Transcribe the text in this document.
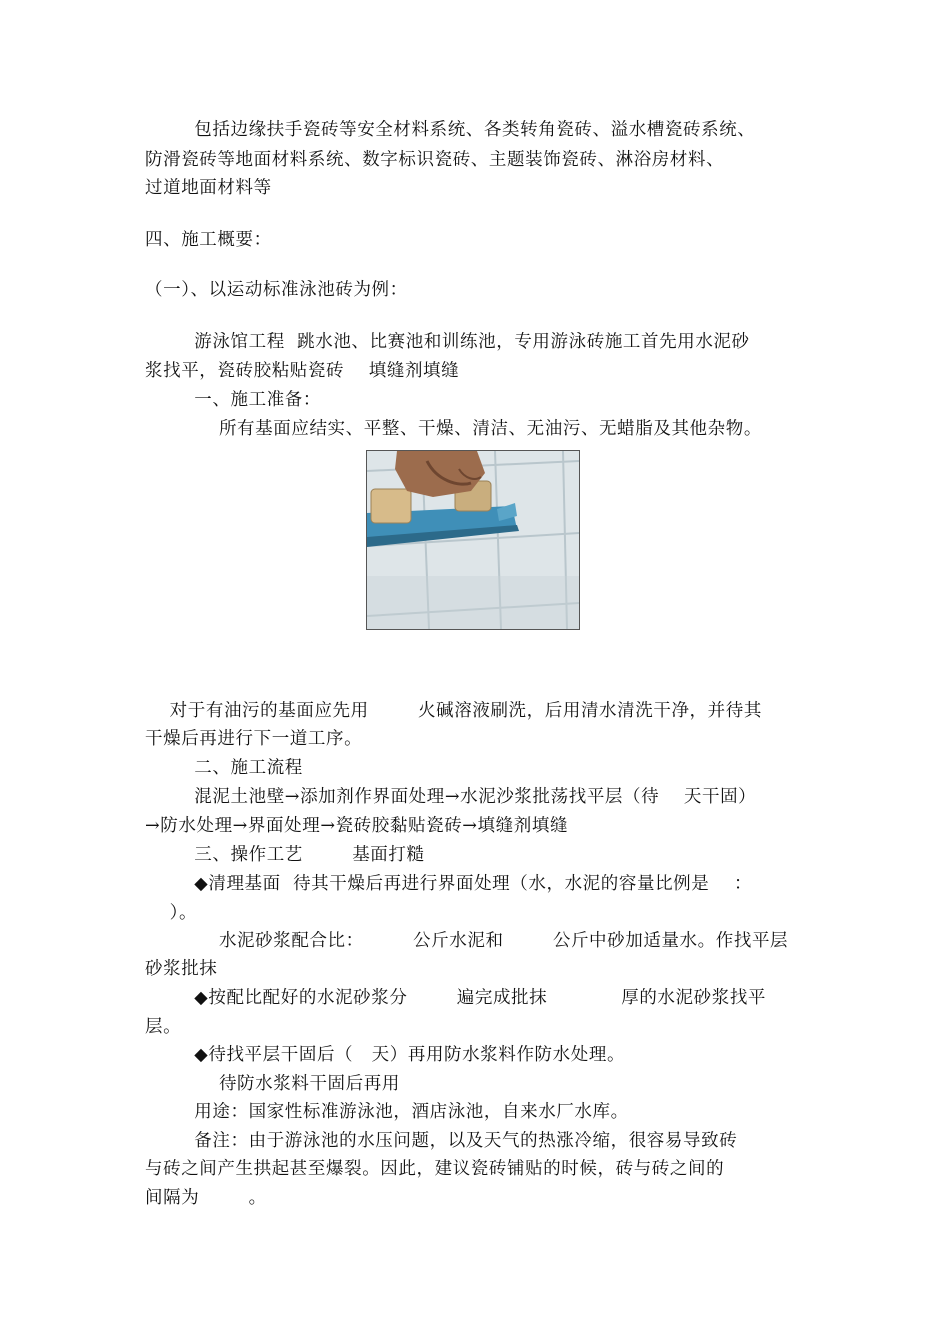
包括边缘扶手瓷砖等安全材料系统、各类转角瓷砖、溢水槽瓷砖系统、
防滑瓷砖等地面材料系统、数字标识瓷砖、主题装饰瓷砖、淋浴房材料、
过道地面材料等
四、施工概要：
（一）、以运动标准泳池砖为例：
游泳馆工程  跳水池、比赛池和训练池，专用游泳砖施工首先用水泥砂
浆找平，瓷砖胶粘贴瓷砖    填缝剂填缝
一、施工准备：
所有基面应结实、平整、干燥、清洁、无油污、无蜡脂及其他杂物。
对于有油污的基面应先用        火碱溶液刷洗，后用清水清洗干净，并待其
干燥后再进行下一道工序。
二、施工流程
混泥土池壁→添加剂作界面处理→水泥沙浆批荡找平层（待    天干固）
→防水处理→界面处理→瓷砖胶黏贴瓷砖→填缝剂填缝
三、操作工艺        基面打糙
◆清理基面  待其干燥后再进行界面处理（水，水泥的容量比例是    ：
）。
水泥砂浆配合比：        公斤水泥和        公斤中砂加适量水。作找平层
砂浆批抹
◆按配比配好的水泥砂浆分        遍完成批抹            厚的水泥砂浆找平
层。
◆待找平层干固后（   天）再用防水浆料作防水处理。
待防水浆料干固后再用
用途：国家性标准游泳池，酒店泳池，自来水厂水库。
备注：由于游泳池的水压问题，以及天气的热涨冷缩，很容易导致砖
与砖之间产生拱起甚至爆裂。因此，建议瓷砖铺贴的时候，砖与砖之间的
间隔为        。
